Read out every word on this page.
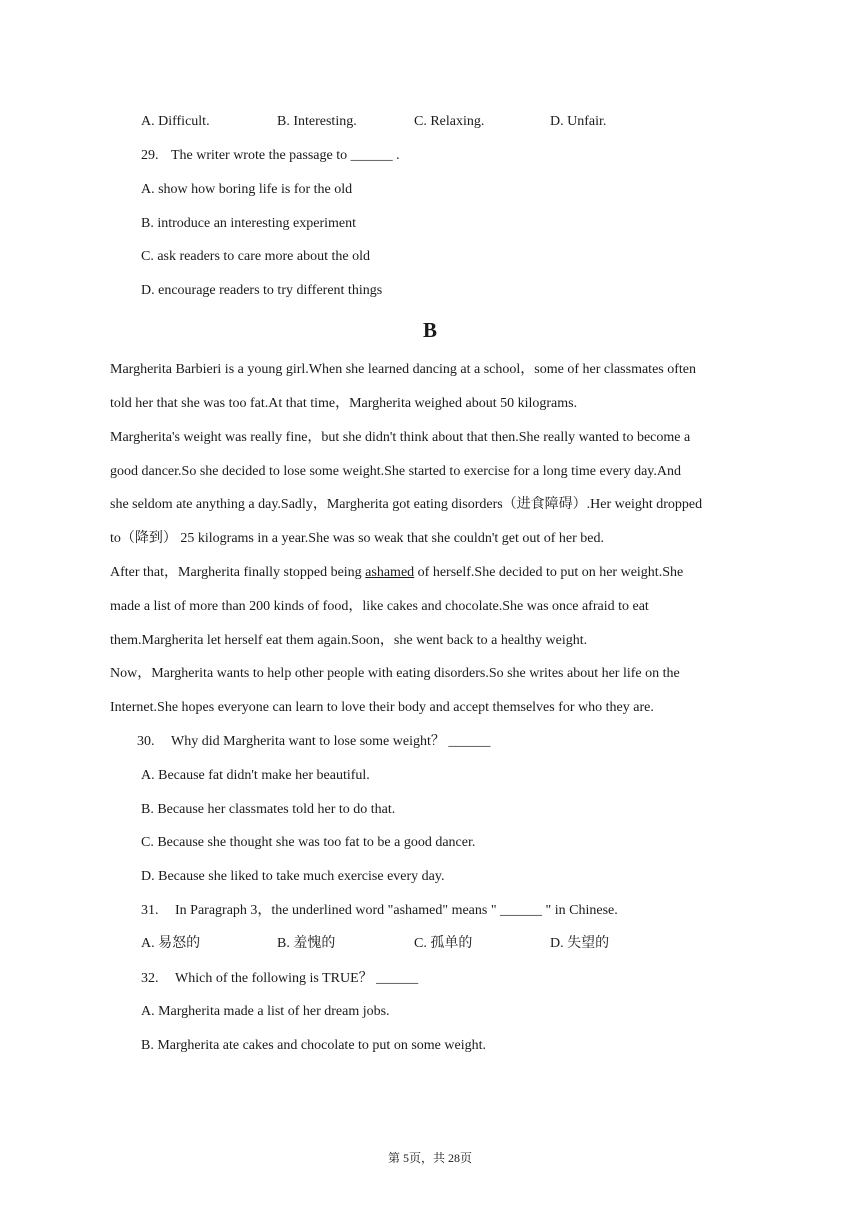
A. Difficult.	B. Interesting.	C. Relaxing.	D. Unfair.
29. The writer wrote the passage to ______ .
A. show how boring life is for the old
B. introduce an interesting experiment
C. ask readers to care more about the old
D. encourage readers to try different things
B
Margherita Barbieri is a young girl.When she learned dancing at a school，some of her classmates often
told her that she was too fat.At that time，Margherita weighed about 50 kilograms.
Margherita's weight was really fine，but she didn't think about that then.She really wanted to become a
good dancer.So she decided to lose some weight.She started to exercise for a long time every day.And
she seldom ate anything a day.Sadly，Margherita got eating disorders（进食障碍）.Her weight dropped
to（降到） 25 kilograms in a year.She was so weak that she couldn't get out of her bed.
After that，Margherita finally stopped being ashamed of herself.She decided to put on her weight.She
made a list of more than 200 kinds of food，like cakes and chocolate.She was once afraid to eat
them.Margherita let herself eat them again.Soon，she went back to a healthy weight.
Now，Margherita wants to help other people with eating disorders.So she writes about her life on the
Internet.She hopes everyone can learn to love their body and accept themselves for who they are.
30. Why did Margherita want to lose some weight？ ______
A. Because fat didn't make her beautiful.
B. Because her classmates told her to do that.
C. Because she thought she was too fat to be a good dancer.
D. Because she liked to take much exercise every day.
31. In Paragraph 3，the underlined word "ashamed" means " ______ " in Chinese.
A. 易怒的	B. 羞愧的	C. 孤单的	D. 失望的
32. Which of the following is TRUE？ ______
A. Margherita made a list of her dream jobs.
B. Margherita ate cakes and chocolate to put on some weight.
第 5页，共 28页
